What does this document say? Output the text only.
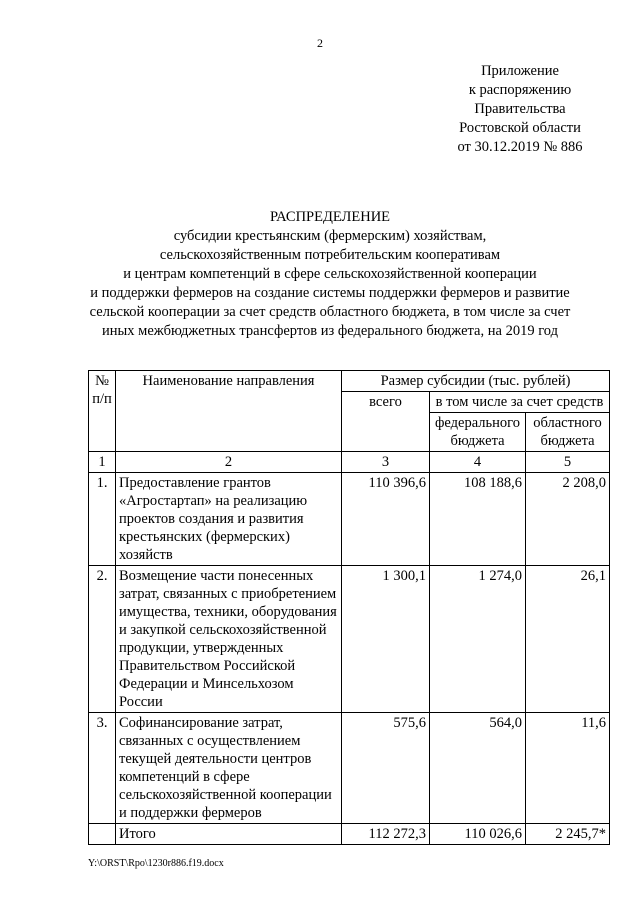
2
Приложение
к распоряжению
Правительства
Ростовской области
от 30.12.2019 № 886
РАСПРЕДЕЛЕНИЕ
субсидии крестьянским (фермерским) хозяйствам,
сельскохозяйственным потребительским кооперативам
и центрам компетенций в сфере сельскохозяйственной кооперации
и поддержки фермеров на создание системы поддержки фермеров и развитие
сельской кооперации за счет средств областного бюджета, в том числе за счет
иных межбюджетных трансфертов из федерального бюджета, на 2019 год
№ п/п	Наименование направления	Размер субсидии (тыс. рублей)		
		всего	в том числе за счет средств	
			федерального бюджета	областного бюджета
1	2	3	4	5
1.	Предоставление грантов «Агростартап» на реализацию проектов создания и развития крестьянских (фермерских) хозяйств	110 396,6	108 188,6	2 208,0
2.	Возмещение части понесенных затрат, связанных с приобретением имущества, техники, оборудования и закупкой сельскохозяйственной продукции, утвержденных Правительством Российской Федерации и Минсельхозом России	1 300,1	1 274,0	26,1
3.	Софинансирование затрат, связанных с осуществлением текущей деятельности центров компетенций в сфере сельскохозяйственной кооперации и поддержки фермеров	575,6	564,0	11,6
	Итого	112 272,3	110 026,6	2 245,7*
Y:\ORST\Rpo\1230r886.f19.docx
